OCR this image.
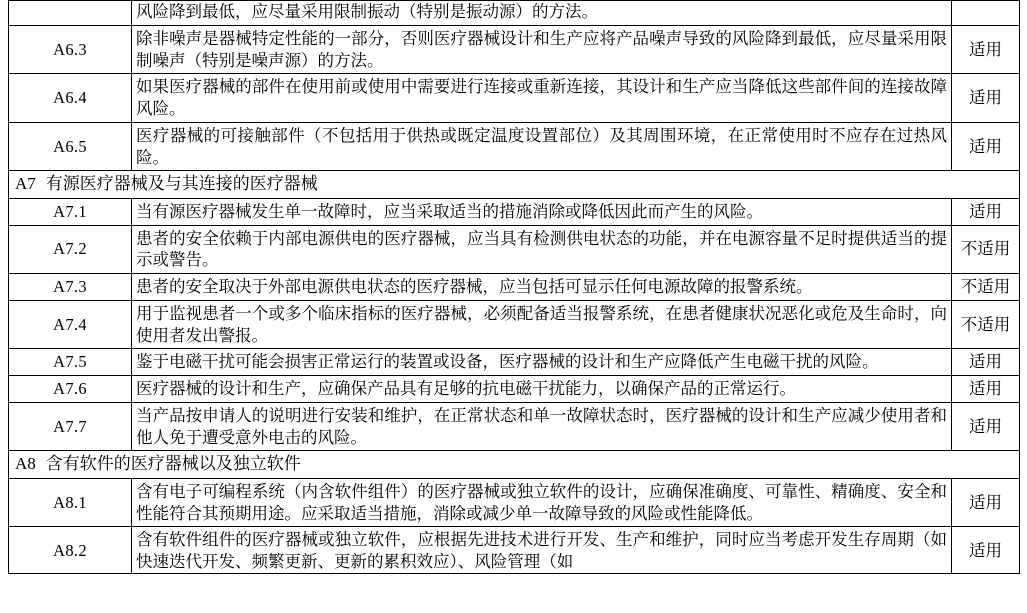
	风险降到最低，应尽量采用限制振动（特别是振动源）的方法。	
A6.3	除非噪声是器械特定性能的一部分，否则医疗器械设计和生产应将产品噪声导致的风险降到最低，应尽量采用限制噪声（特别是噪声源）的方法。	适用
A6.4	如果医疗器械的部件在使用前或使用中需要进行连接或重新连接，其设计和生产应当降低这些部件间的连接故障风险。	适用
A6.5	医疗器械的可接触部件（不包括用于供热或既定温度设置部位）及其周围环境，在正常使用时不应存在过热风险。	适用
A7 有源医疗器械及与其连接的医疗器械		
A7.1	当有源医疗器械发生单一故障时，应当采取适当的措施消除或降低因此而产生的风险。	适用
A7.2	患者的安全依赖于内部电源供电的医疗器械，应当具有检测供电状态的功能，并在电源容量不足时提供适当的提示或警告。	不适用
A7.3	患者的安全取决于外部电源供电状态的医疗器械，应当包括可显示任何电源故障的报警系统。	不适用
A7.4	用于监视患者一个或多个临床指标的医疗器械，必须配备适当报警系统，在患者健康状况恶化或危及生命时，向使用者发出警报。	不适用
A7.5	鉴于电磁干扰可能会损害正常运行的装置或设备，医疗器械的设计和生产应降低产生电磁干扰的风险。	适用
A7.6	医疗器械的设计和生产，应确保产品具有足够的抗电磁干扰能力，以确保产品的正常运行。	适用
A7.7	当产品按申请人的说明进行安装和维护，在正常状态和单一故障状态时，医疗器械的设计和生产应减少使用者和他人免于遭受意外电击的风险。	适用
A8 含有软件的医疗器械以及独立软件		
A8.1	含有电子可编程系统（内含软件组件）的医疗器械或独立软件的设计，应确保准确度、可靠性、精确度、安全和性能符合其预期用途。应采取适当措施，消除或减少单一故障导致的风险或性能降低。	适用
A8.2	含有软件组件的医疗器械或独立软件，应根据先进技术进行开发、生产和维护，同时应当考虑开发生存周期（如快速迭代开发、频繁更新、更新的累积效应）、风险管理（如	适用
